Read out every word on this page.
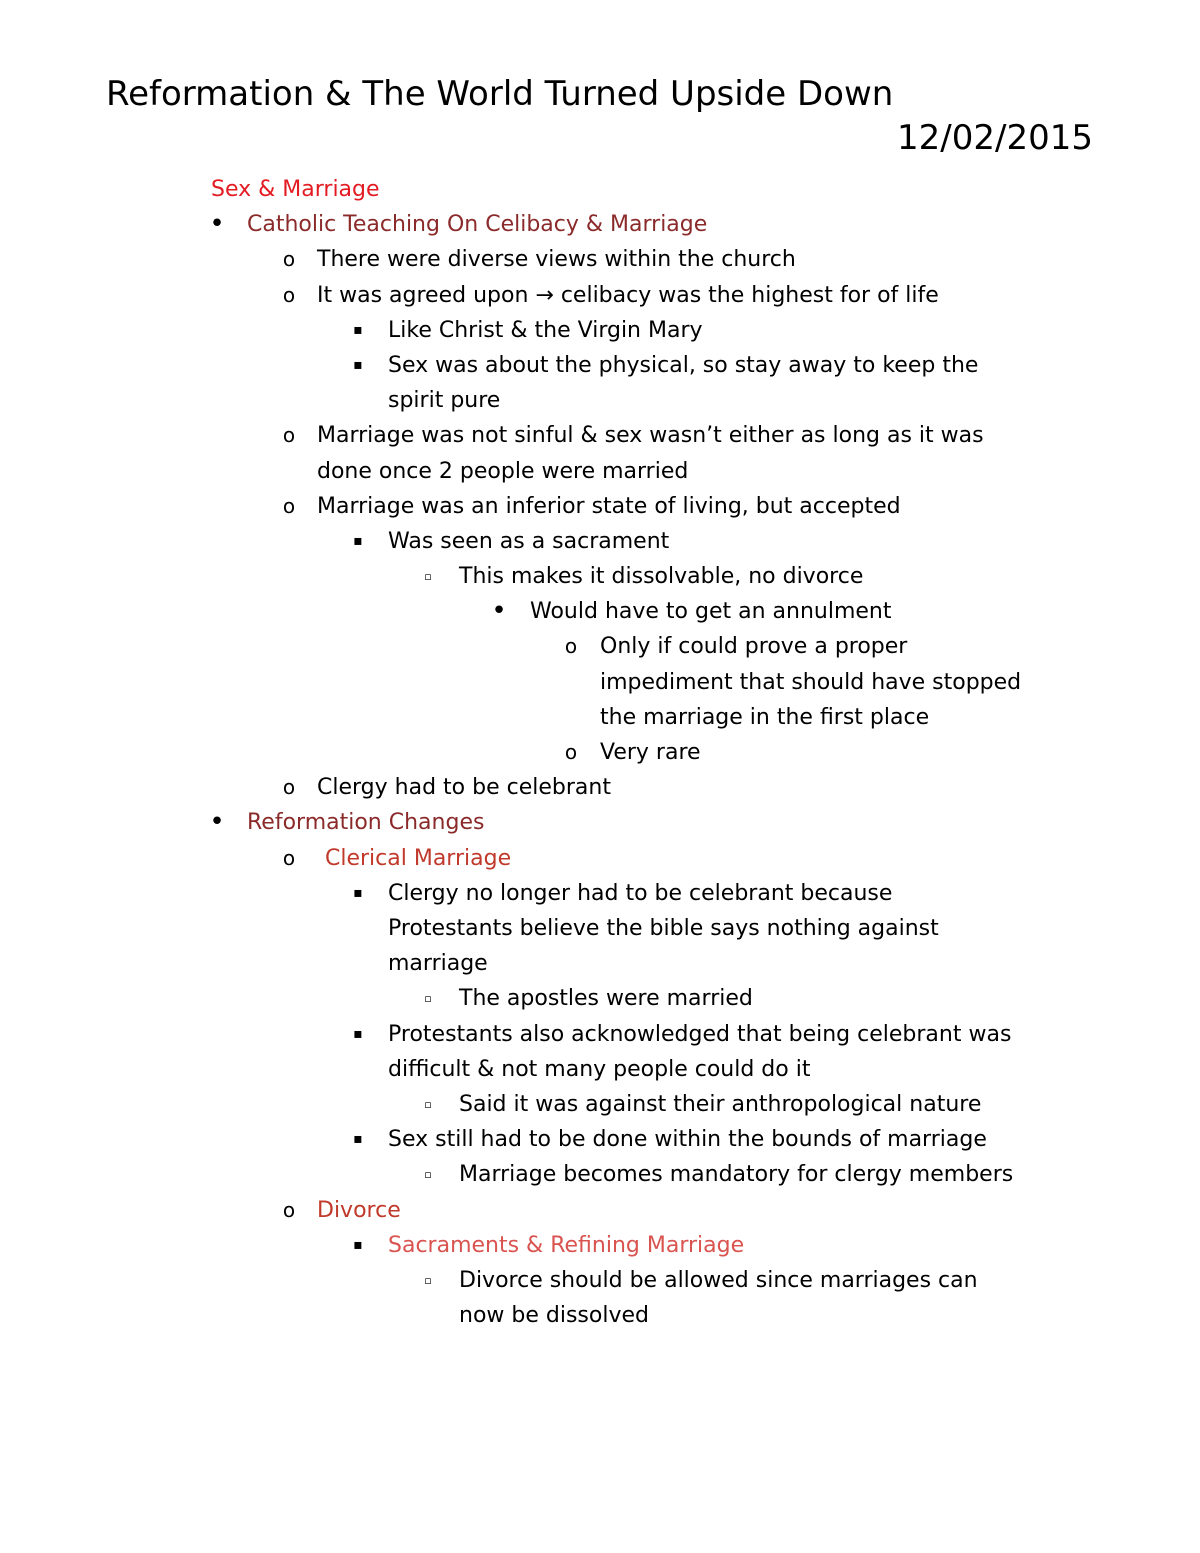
Reformation & The World Turned Upside Down
12/02/2015
Sex & Marriage
• Catholic Teaching On Celibacy & Marriage
o There were diverse views within the church
o It was agreed upon → celibacy was the highest for of life
▪	Like Christ & the Virgin Mary
▪	Sex was about the physical, so stay away to keep the
spirit pure
o Marriage was not sinful & sex wasn’t either as long as it was
done once 2 people were married
o Marriage was an inferior state of living, but accepted
▪	Was seen as a sacrament
▫	This makes it dissolvable, no divorce
• Would have to get an annulment
o Only if could prove a proper
impediment that should have stopped
the marriage in the first place
o Very rare
o Clergy had to be celebrant
• Reformation Changes
o Clerical Marriage
▪	Clergy no longer had to be celebrant because
Protestants believe the bible says nothing against
marriage
▫	The apostles were married
▪	Protestants also acknowledged that being celebrant was
difficult & not many people could do it
▫	Said it was against their anthropological nature
▪	Sex still had to be done within the bounds of marriage
▫	Marriage becomes mandatory for clergy members
o Divorce
▪	Sacraments & Refining Marriage
▫	Divorce should be allowed since marriages can
now be dissolved
